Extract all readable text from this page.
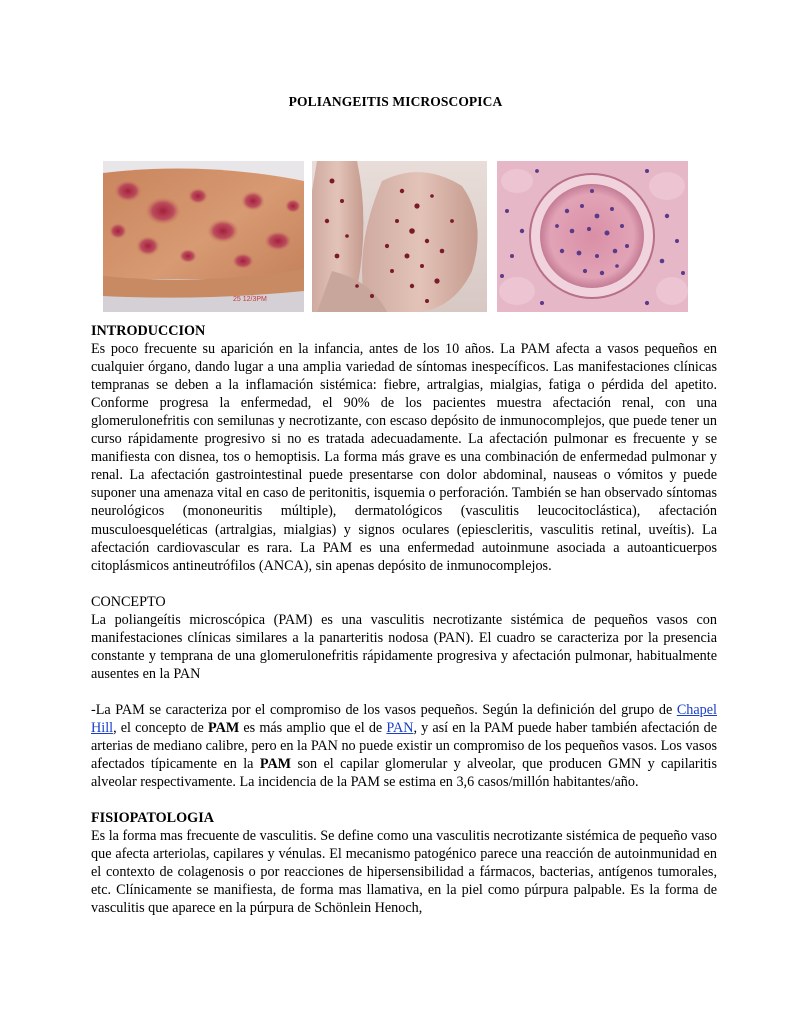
POLIANGEITIS MICROSCOPICA
25 12/3PM

INTRODUCCION

Es poco frecuente su aparición en la infancia, antes de los 10 años. La PAM afecta a vasos pequeños en cualquier órgano, dando lugar a una amplia variedad de síntomas inespecíficos. Las manifestaciones clínicas tempranas se deben a la inflamación sistémica: fiebre, artralgias, mialgias, fatiga o pérdida del apetito. Conforme progresa la enfermedad, el 90% de los pacientes muestra afectación renal, con una glomerulonefritis con semilunas y necrotizante, con escaso depósito de inmunocomplejos, que puede tener un curso rápidamente progresivo si no es tratada adecuadamente. La afectación pulmonar es frecuente y se manifiesta con disnea, tos o hemoptisis. La forma más grave es una combinación de enfermedad pulmonar y renal. La afectación gastrointestinal puede presentarse con dolor abdominal, nauseas o vómitos y puede suponer una amenaza vital en caso de peritonitis, isquemia o perforación. También se han observado síntomas neurológicos (mononeuritis múltiple), dermatológicos (vasculitis leucocitoclástica), afectación musculoesqueléticas (artralgias, mialgias) y signos oculares (epiescleritis, vasculitis retinal, uveítis). La afectación cardiovascular es rara. La PAM es una enfermedad autoinmune asociada a autoanticuerpos citoplásmicos antineutrófilos (ANCA), sin apenas depósito de inmunocomplejos.

CONCEPTO

La poliangeítis microscópica (PAM) es una vasculitis necrotizante sistémica de pequeños vasos con manifestaciones clínicas similares a la panarteritis nodosa (PAN). El cuadro se caracteriza por la presencia constante y temprana de una glomerulonefritis rápidamente progresiva y afectación pulmonar, habitualmente ausentes en la PAN

-La PAM se caracteriza por el compromiso de los vasos pequeños. Según la definición del grupo de Chapel Hill, el concepto de PAM es más amplio que el de PAN, y así en la PAM puede haber también afectación de arterias de mediano calibre, pero en la PAN no puede existir un compromiso de los pequeños vasos. Los vasos afectados típicamente en la PAM son el capilar glomerular y alveolar, que producen GMN y capilaritis alveolar respectivamente. La incidencia de la PAM se estima en 3,6 casos/millón habitantes/año.

FISIOPATOLOGIA

Es la forma mas frecuente de vasculitis. Se define como una vasculitis necrotizante sistémica de pequeño vaso que afecta arteriolas, capilares y vénulas. El mecanismo patogénico parece una reacción de autoinmunidad en el contexto de colagenosis o por reacciones de hipersensibilidad a fármacos, bacterias, antígenos tumorales, etc. Clínicamente se manifiesta, de forma mas llamativa, en la piel como púrpura palpable. Es la forma de vasculitis que aparece en la púrpura de Schönlein Henoch,
